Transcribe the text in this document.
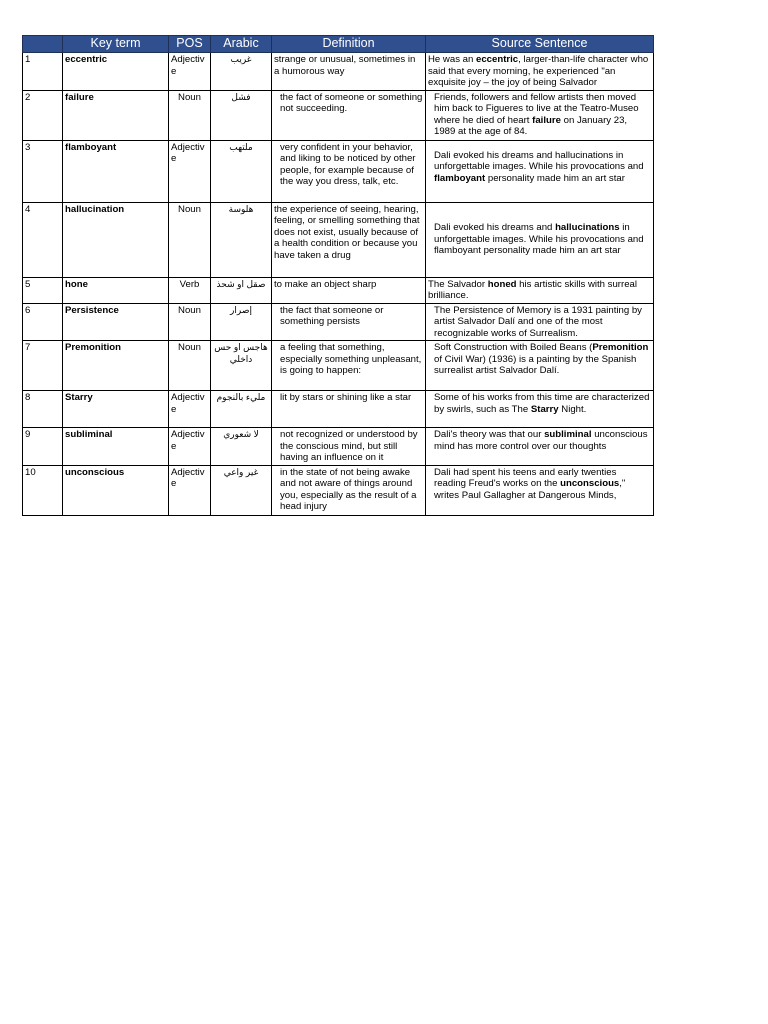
	Key term	POS	Arabic	Definition	Source Sentence
1	eccentric	Adjective	غريب	strange or unusual, sometimes in a humorous way	He was an eccentric, larger-than-life character who said that every morning, he experienced "an exquisite joy – the joy of being Salvador
2	failure	Noun	فشل	the fact of someone or something not succeeding.	Friends, followers and fellow artists then moved him back to Figueres to live at the Teatro-Museo where he died of heart failure on January 23, 1989 at the age of 84.
3	flamboyant	Adjective	ملتهب	very confident in your behavior, and liking to be noticed by other people, for example because of the way you dress, talk, etc.	Dali evoked his dreams and hallucinations in unforgettable images. While his provocations and flamboyant personality made him an art star
4	hallucination	Noun	هلوسة	the experience of seeing, hearing, feeling, or smelling something that does not exist, usually because of a health condition or because you have taken a drug	Dali evoked his dreams and hallucinations in unforgettable images. While his provocations and flamboyant personality made him an art star
5	hone	Verb	صقل او شحذ	to make an object sharp	The Salvador honed his artistic skills with surreal brilliance.
6	Persistence	Noun	إصرار	the fact that someone or something persists	The Persistence of Memory is a 1931 painting by artist Salvador Dalí and one of the most recognizable works of Surrealism.
7	Premonition	Noun	هاجس او حس داخلي	a feeling that something, especially something unpleasant, is going to happen:	Soft Construction with Boiled Beans (Premonition of Civil War) (1936) is a painting by the Spanish surrealist artist Salvador Dalí.
8	Starry	Adjective	مليء بالنجوم	lit by stars or shining like a star	Some of his works from this time are characterized by swirls, such as The Starry Night.
9	subliminal	Adjective	لا شعوري	not recognized or understood by the conscious mind, but still having an influence on it	Dali's theory was that our subliminal unconscious mind has more control over our thoughts
10	unconscious	Adjective	غير واعي	in the state of not being awake and not aware of things around you, especially as the result of a head injury	Dali had spent his teens and early twenties reading Freud's works on the unconscious," writes Paul Gallagher at Dangerous Minds,
